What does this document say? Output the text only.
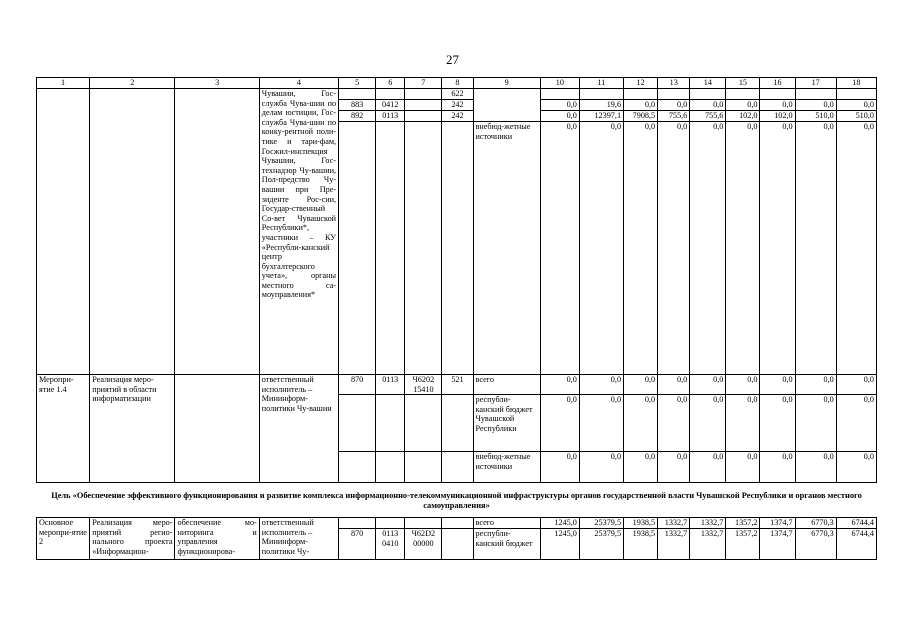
27
1	2	3	4	5	6	7	8	9	10	11	12	13	14	15	16	17	18
			Чувашии, Гос-служба Чува-шии по делам юстиции, Гос-служба Чува-шии по конку-рентной поли-тике и тари-фам, Госжил-инспекция Чувашии, Гос-технадзор Чу-вашии, Пол-предство Чу-вашии при Пре-зиденте Рос-сии, Государ-ственный Со-вет Чувашской Республики*, участники – КУ «Республи-канский центр бухгалтерского учета», органы местного са-моуправления*				622										
				883	0412		242		0,0	19,6	0,0	0,0	0,0	0,0	0,0	0,0	0,0
				892	0113		242		0,0	12397,1	7908,5	755,6	755,6	102,0	102,0	510,0	510,0
								внебюд-жетные источники	0,0	0,0	0,0	0,0	0,0	0,0	0,0	0,0	0,0
Меропри-ятие 1.4	Реализация меро-приятий в области информатизации		ответственный исполнитель – Мининформ-политики Чу-вашии	870	0113	Ч6202 15410	521	всего	0,0	0,0	0,0	0,0	0,0	0,0	0,0	0,0	0,0
								республи-канский бюджет Чувашской Республики	0,0	0,0	0,0	0,0	0,0	0,0	0,0	0,0	0,0
								внебюд-жетные источники	0,0	0,0	0,0	0,0	0,0	0,0	0,0	0,0	0,0
Цель «Обеспечение эффективного функционирования и развитие комплекса информационно-телекоммуникационной инфраструктуры органов государственной власти Чувашской Республики и органов местного самоуправления»																	
Основное меропри-ятие 2	Реализация меро-приятий регио-нального проекта «Информацион-	обеспечение мо-ниторинга и управления функционирова-	ответственный исполнитель – Мининформ-политики Чу-					всего	1245,0	25379,5	1938,5	1332,7	1332,7	1357,2	1374,7	6770,3	6744,4
				870	0113 0410	Ч62D2 00000		республи-канский бюджет	1245,0	25379,5	1938,5	1332,7	1332,7	1357,2	1374,7	6770,3	6744,4
